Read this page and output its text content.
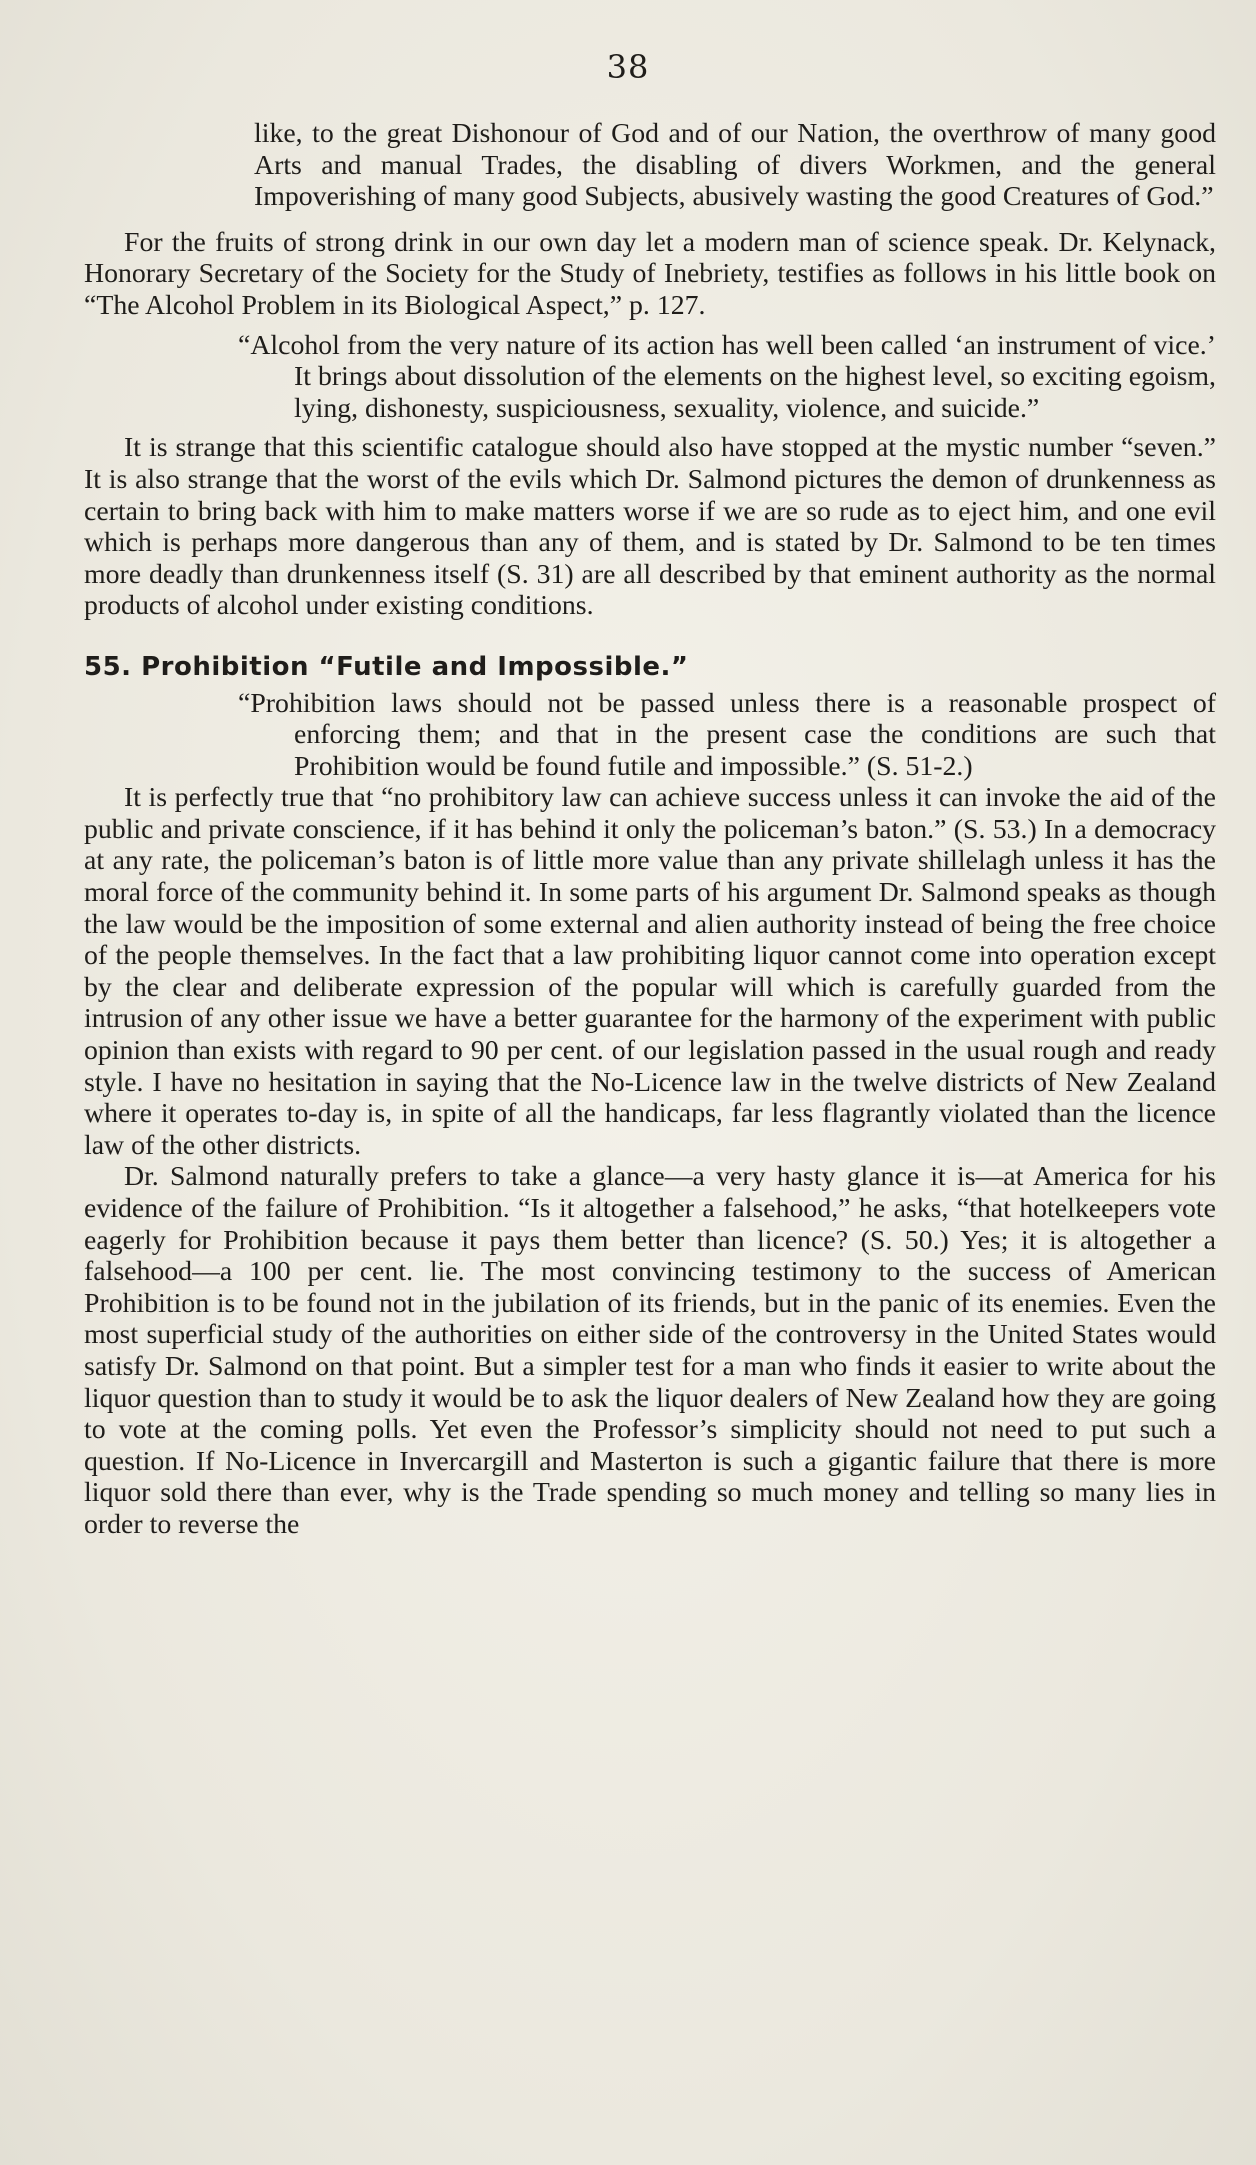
38

like, to the great Dishonour of God and of our Nation, the overthrow of many good Arts and manual Trades, the disabling of divers Workmen, and the general Impoverishing of many good Subjects, abusively wasting the good Creatures of God.”

For the fruits of strong drink in our own day let a modern man of science speak. Dr. Kelynack, Honorary Secretary of the Society for the Study of Inebriety, testifies as follows in his little book on “The Alcohol Problem in its Biological Aspect,” p. 127.

“Alcohol from the very nature of its action has well been called ‘an instrument of vice.’ It brings about dissolution of the elements on the highest level, so exciting egoism, lying, dishonesty, suspiciousness, sexuality, violence, and suicide.”

It is strange that this scientific catalogue should also have stopped at the mystic number “seven.” It is also strange that the worst of the evils which Dr. Salmond pictures the demon of drunkenness as certain to bring back with him to make matters worse if we are so rude as to eject him, and one evil which is perhaps more dangerous than any of them, and is stated by Dr. Salmond to be ten times more deadly than drunkenness itself (S. 31) are all described by that eminent authority as the normal products of alcohol under existing conditions.

55. Prohibition “Futile and Impossible.”

“Prohibition laws should not be passed unless there is a reasonable prospect of enforcing them; and that in the present case the conditions are such that Prohibition would be found futile and impossible.” (S. 51-2.)

It is perfectly true that “no prohibitory law can achieve success unless it can invoke the aid of the public and private conscience, if it has behind it only the policeman’s baton.” (S. 53.) In a democracy at any rate, the policeman’s baton is of little more value than any private shillelagh unless it has the moral force of the community behind it. In some parts of his argument Dr. Salmond speaks as though the law would be the imposition of some external and alien authority instead of being the free choice of the people themselves. In the fact that a law prohibiting liquor cannot come into operation except by the clear and deliberate expression of the popular will which is carefully guarded from the intrusion of any other issue we have a better guarantee for the harmony of the experiment with public opinion than exists with regard to 90 per cent. of our legislation passed in the usual rough and ready style. I have no hesitation in saying that the No-Licence law in the twelve districts of New Zealand where it operates to-day is, in spite of all the handicaps, far less flagrantly violated than the licence law of the other districts.

Dr. Salmond naturally prefers to take a glance—a very hasty glance it is—at America for his evidence of the failure of Prohibition. “Is it altogether a falsehood,” he asks, “that hotelkeepers vote eagerly for Prohibition because it pays them better than licence? (S. 50.) Yes; it is altogether a falsehood—a 100 per cent. lie. The most convincing testimony to the success of American Prohibition is to be found not in the jubilation of its friends, but in the panic of its enemies. Even the most superficial study of the authorities on either side of the controversy in the United States would satisfy Dr. Salmond on that point. But a simpler test for a man who finds it easier to write about the liquor question than to study it would be to ask the liquor dealers of New Zealand how they are going to vote at the coming polls. Yet even the Professor’s simplicity should not need to put such a question. If No-Licence in Invercargill and Masterton is such a gigantic failure that there is more liquor sold there than ever, why is the Trade spending so much money and telling so many lies in order to reverse the
